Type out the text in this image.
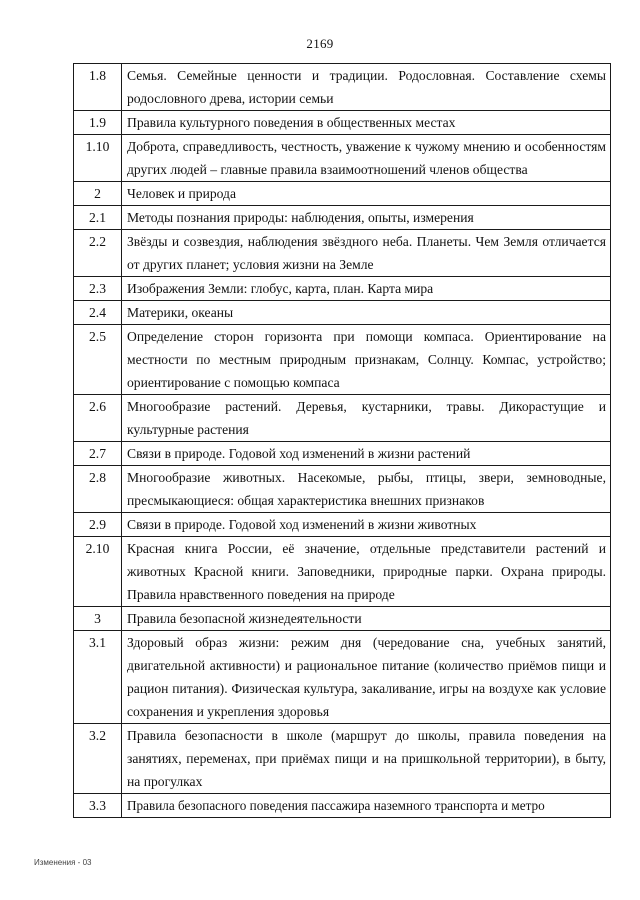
2169
1.8	Семья. Семейные ценности и традиции. Родословная. Составление схемы родословного древа, истории семьи
1.9	Правила культурного поведения в общественных местах
1.10	Доброта, справедливость, честность, уважение к чужому мнению и особенностям других людей – главные правила взаимоотношений членов общества
2	Человек и природа
2.1	Методы познания природы: наблюдения, опыты, измерения
2.2	Звёзды и созвездия, наблюдения звёздного неба. Планеты. Чем Земля отличается от других планет; условия жизни на Земле
2.3	Изображения Земли: глобус, карта, план. Карта мира
2.4	Материки, океаны
2.5	Определение сторон горизонта при помощи компаса. Ориентирование на местности по местным природным признакам, Солнцу. Компас, устройство; ориентирование с помощью компаса
2.6	Многообразие растений. Деревья, кустарники, травы. Дикорастущие и культурные растения
2.7	Связи в природе. Годовой ход изменений в жизни растений
2.8	Многообразие животных. Насекомые, рыбы, птицы, звери, земноводные, пресмыкающиеся: общая характеристика внешних признаков
2.9	Связи в природе. Годовой ход изменений в жизни животных
2.10	Красная книга России, её значение, отдельные представители растений и животных Красной книги. Заповедники, природные парки. Охрана природы. Правила нравственного поведения на природе
3	Правила безопасной жизнедеятельности
3.1	Здоровый образ жизни: режим дня (чередование сна, учебных занятий, двигательной активности) и рациональное питание (количество приёмов пищи и рацион питания). Физическая культура, закаливание, игры на воздухе как условие сохранения и укрепления здоровья
3.2	Правила безопасности в школе (маршрут до школы, правила поведения на занятиях, переменах, при приёмах пищи и на пришкольной территории), в быту, на прогулках
3.3	Правила безопасного поведения пассажира наземного транспорта и метро
Изменения - 03
